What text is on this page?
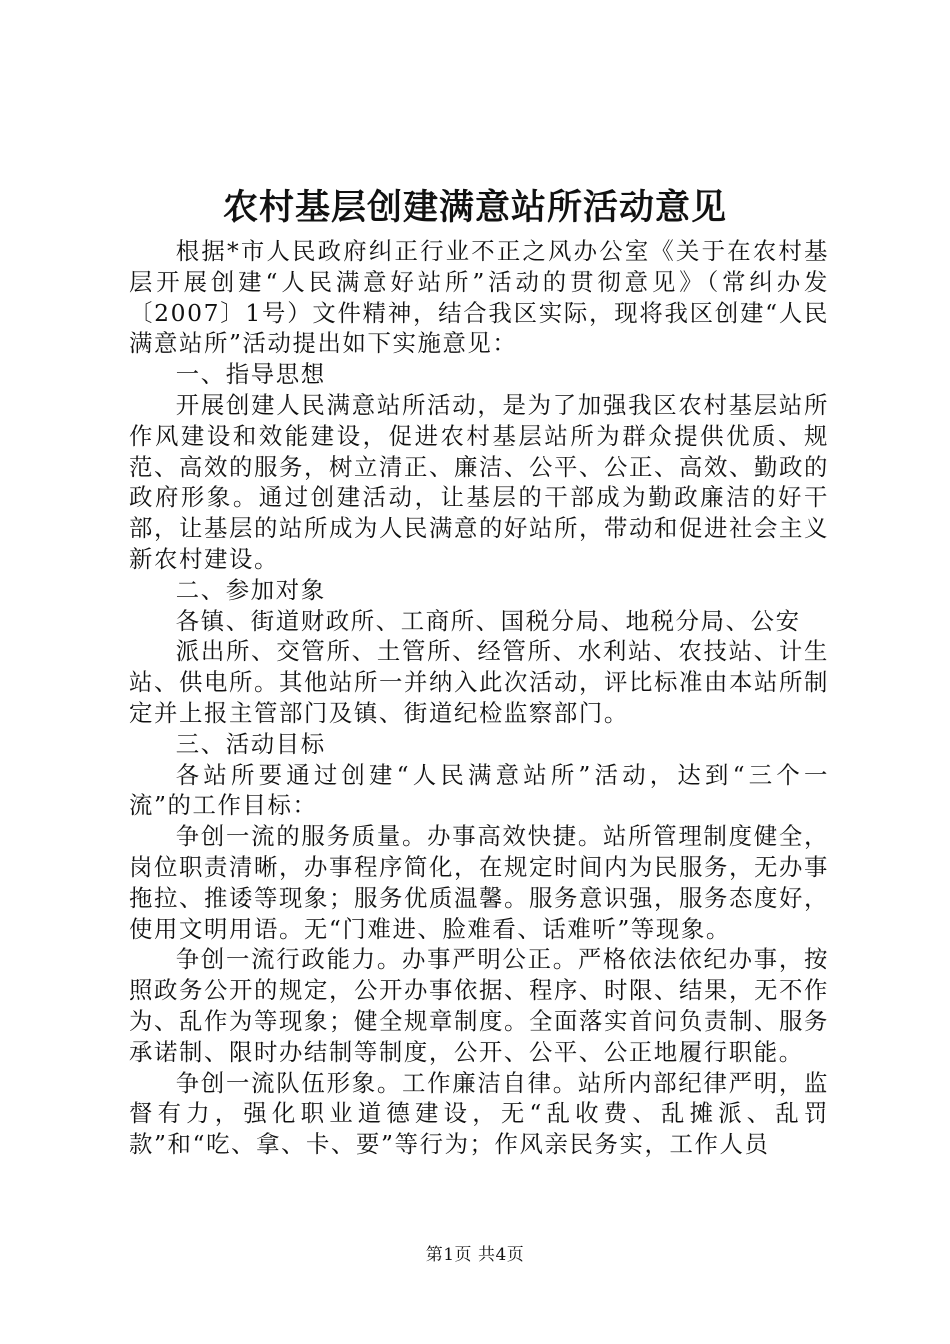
农村基层创建满意站所活动意见

根据*市人民政府纠正行业不正之风办公室《关于在农村基层开展创建“人民满意好站所”活动的贯彻意见》（常纠办发〔2007〕1号）文件精神，结合我区实际，现将我区创建“人民满意站所”活动提出如下实施意见：

一、指导思想

开展创建人民满意站所活动，是为了加强我区农村基层站所作风建设和效能建设，促进农村基层站所为群众提供优质、规范、高效的服务，树立清正、廉洁、公平、公正、高效、勤政的政府形象。通过创建活动，让基层的干部成为勤政廉洁的好干部，让基层的站所成为人民满意的好站所，带动和促进社会主义新农村建设。

二、参加对象

各镇、街道财政所、工商所、国税分局、地税分局、公安

派出所、交管所、土管所、经管所、水利站、农技站、计生站、供电所。其他站所一并纳入此次活动，评比标准由本站所制定并上报主管部门及镇、街道纪检监察部门。

三、活动目标

各站所要通过创建“人民满意站所”活动，达到“三个一流”的工作目标：

争创一流的服务质量。办事高效快捷。站所管理制度健全，岗位职责清晰，办事程序简化，在规定时间内为民服务，无办事拖拉、推诿等现象；服务优质温馨。服务意识强，服务态度好，使用文明用语。无“门难进、脸难看、话难听”等现象。

争创一流行政能力。办事严明公正。严格依法依纪办事，按照政务公开的规定，公开办事依据、程序、时限、结果，无不作为、乱作为等现象；健全规章制度。全面落实首问负责制、服务承诺制、限时办结制等制度，公开、公平、公正地履行职能。

争创一流队伍形象。工作廉洁自律。站所内部纪律严明，监督有力，强化职业道德建设，无“乱收费、乱摊派、乱罚款”和“吃、拿、卡、要”等行为；作风亲民务实，工作人员

第1页 共4页
